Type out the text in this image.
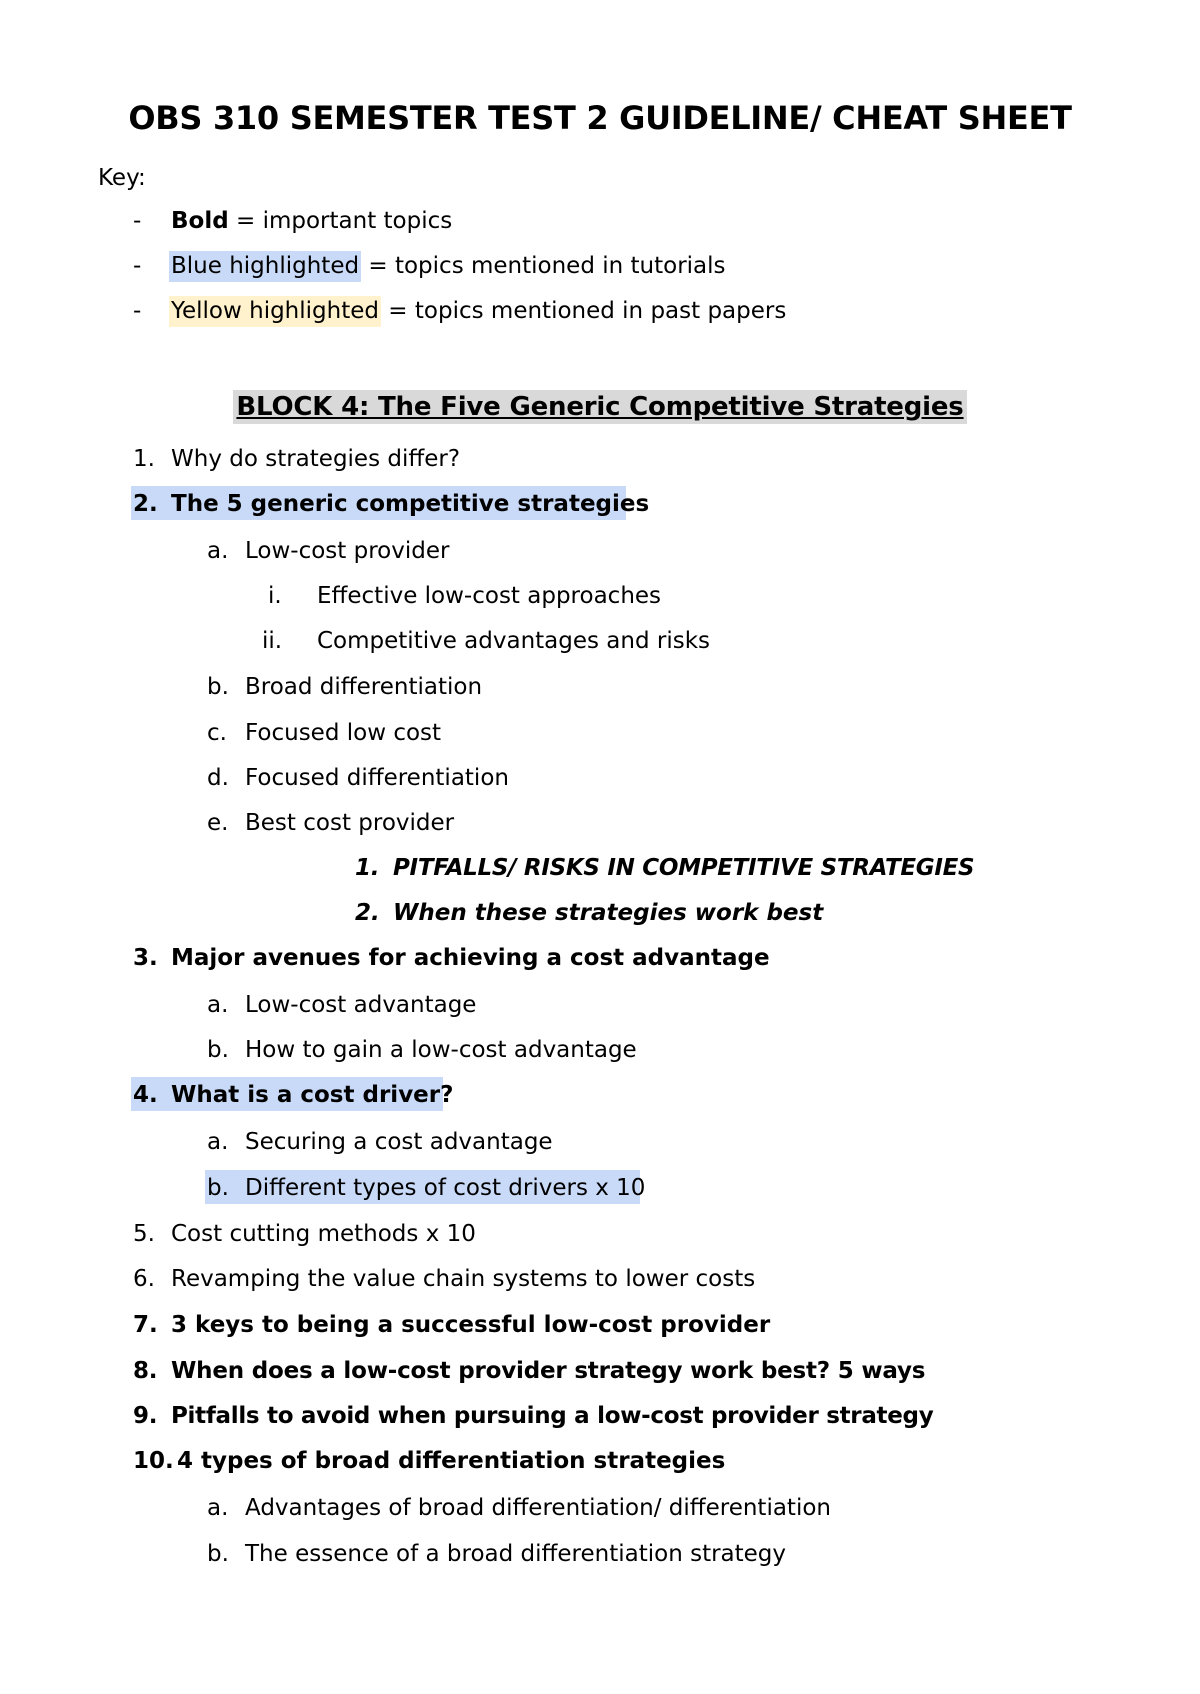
OBS 310 SEMESTER TEST 2 GUIDELINE/ CHEAT SHEET
Key:
- Bold = important topics
- Blue highlighted = topics mentioned in tutorials
- Yellow highlighted = topics mentioned in past papers
BLOCK 4: The Five Generic Competitive Strategies
1. Why do strategies differ?
2. The 5 generic competitive strategies
a. Low-cost provider
i. Effective low-cost approaches
ii. Competitive advantages and risks
b. Broad differentiation
c. Focused low cost
d. Focused differentiation
e. Best cost provider
1. PITFALLS/ RISKS IN COMPETITIVE STRATEGIES
2. When these strategies work best
3. Major avenues for achieving a cost advantage
a. Low-cost advantage
b. How to gain a low-cost advantage
4. What is a cost driver?
a. Securing a cost advantage
b. Different types of cost drivers x 10
5. Cost cutting methods x 10
6. Revamping the value chain systems to lower costs
7. 3 keys to being a successful low-cost provider
8. When does a low-cost provider strategy work best? 5 ways
9. Pitfalls to avoid when pursuing a low-cost provider strategy
10. 4 types of broad differentiation strategies
a. Advantages of broad differentiation/ differentiation
b. The essence of a broad differentiation strategy
